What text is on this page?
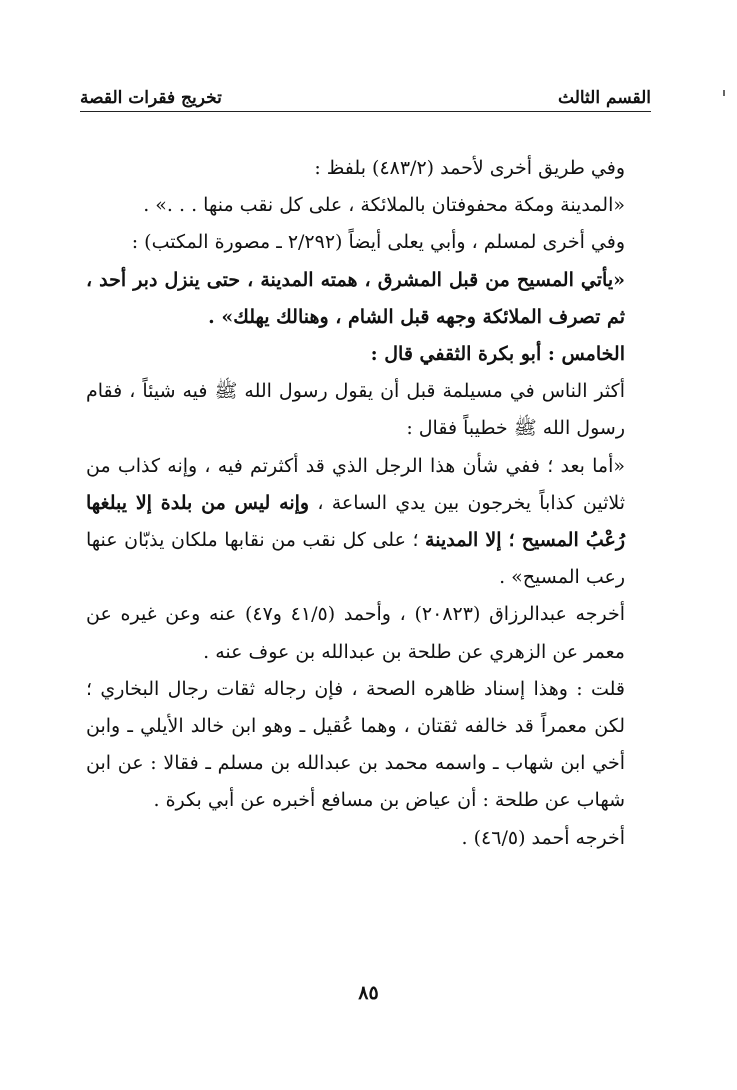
القسم الثالث
تخريج فقرات القصة

وفي طريق أخرى لأحمد (٤٨٣/٢) بلفظ :

«المدينة ومكة محفوفتان بالملائكة ، على كل نقب منها . . .» .

وفي أخرى لمسلم ، وأبي يعلى أيضاً (٢/٢٩٢ ـ مصورة المكتب) :

«يأتي المسيح من قبل المشرق ، همته المدينة ، حتى ينزل دبر أحد ، ثم تصرف الملائكة وجهه قبل الشام ، وهنالك يهلك» .

الخامس : أبو بكرة الثقفي قال :

أكثر الناس في مسيلمة قبل أن يقول رسول الله ﷺ فيه شيئاً ، فقام رسول الله ﷺ خطيباً فقال :

«أما بعد ؛ ففي شأن هذا الرجل الذي قد أكثرتم فيه ، وإنه كذاب من ثلاثين كذاباً يخرجون بين يدي الساعة ، وإنه ليس من بلدة إلا يبلغها رُعْبُ المسيح ؛ إلا المدينة ؛ على كل نقب من نقابها ملكان يذبّان عنها رعب المسيح» .

أخرجه عبدالرزاق (٢٠٨٢٣) ، وأحمد (٤١/٥ و٤٧) عنه وعن غيره عن معمر عن الزهري عن طلحة بن عبدالله بن عوف عنه .

قلت : وهذا إسناد ظاهره الصحة ، فإن رجاله ثقات رجال البخاري ؛ لكن معمراً قد خالفه ثقتان ، وهما عُقيل ـ وهو ابن خالد الأيلي ـ وابن أخي ابن شهاب ـ واسمه محمد بن عبدالله بن مسلم ـ فقالا : عن ابن شهاب عن طلحة : أن عياض بن مسافع أخبره عن أبي بكرة .

أخرجه أحمد (٤٦/٥) .

٨٥
